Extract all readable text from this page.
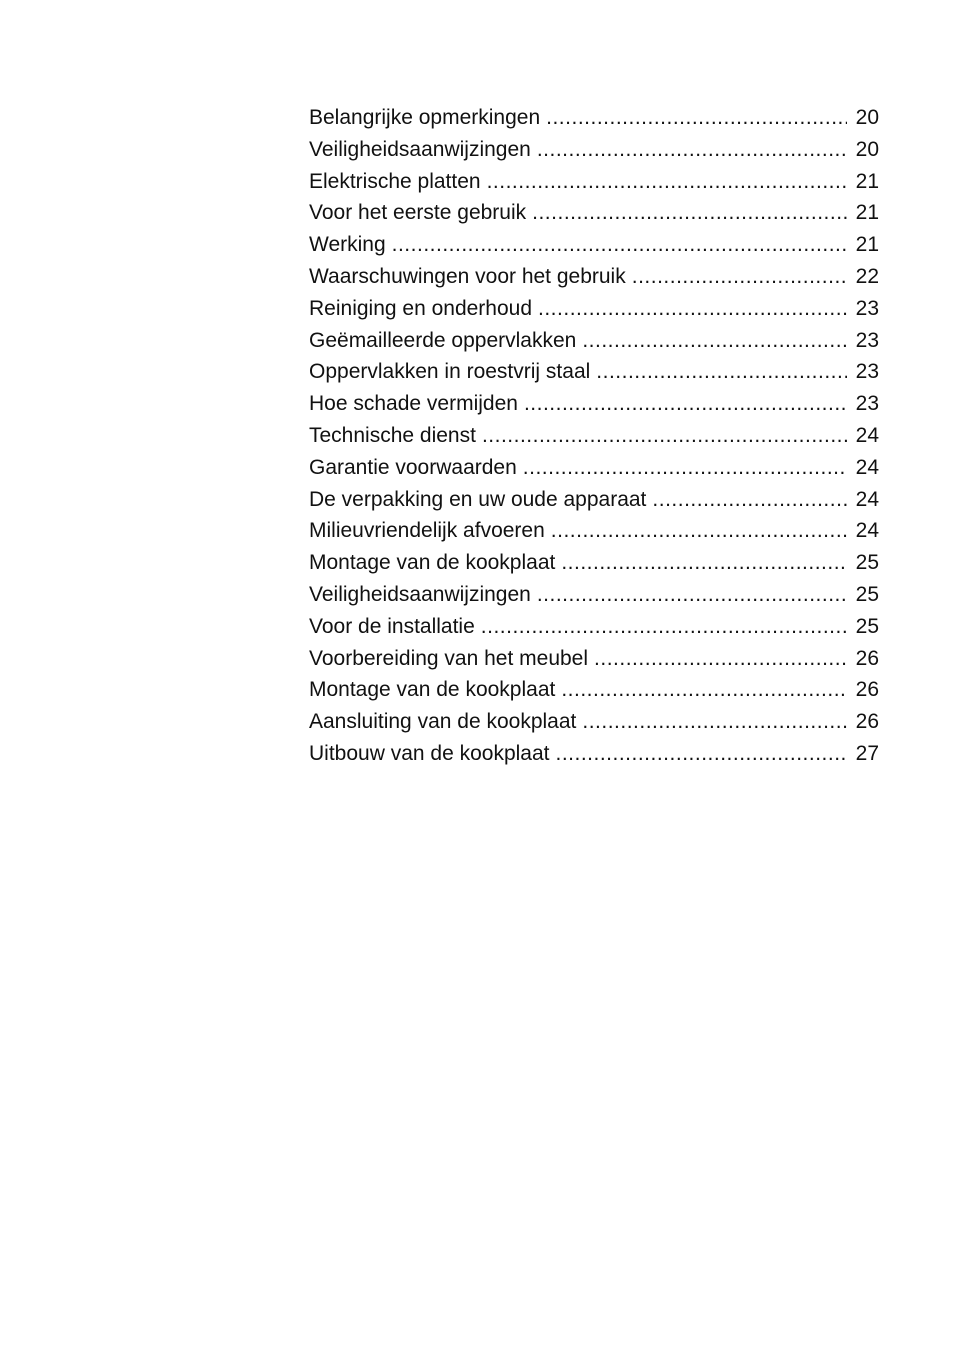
Belangrijke opmerkingen .....	20
Veiligheidsaanwijzingen .....	20
Elektrische platten .....	21
Voor het eerste gebruik .....	21
Werking .....	21
Waarschuwingen voor het gebruik .....	22
Reiniging en onderhoud .....	23
Geëmailleerde oppervlakken .....	23
Oppervlakken in roestvrij staal .....	23
Hoe schade vermijden .....	23
Technische dienst .....	24
Garantie voorwaarden .....	24
De verpakking en uw oude apparaat .....	24
Milieuvriendelijk afvoeren .....	24
Montage van de kookplaat .....	25
Veiligheidsaanwijzingen .....	25
Voor de installatie .....	25
Voorbereiding van het meubel .....	26
Montage van de kookplaat .....	26
Aansluiting van de kookplaat .....	26
Uitbouw van de kookplaat .....	27
